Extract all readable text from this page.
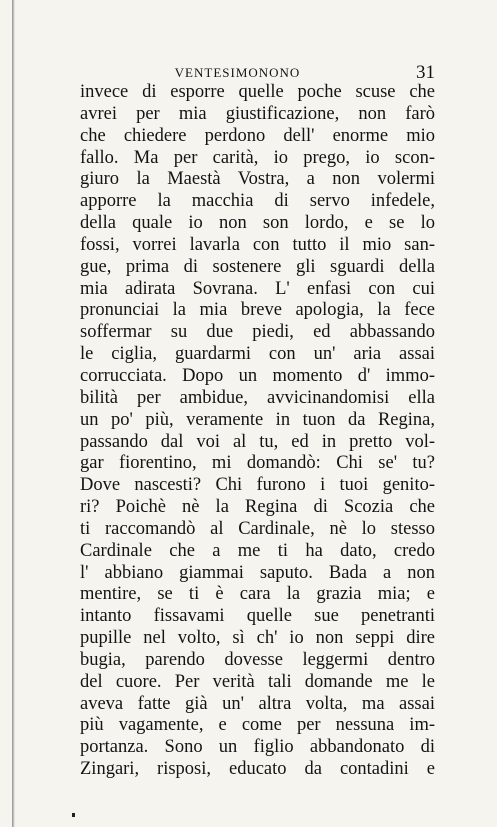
VENTESIMONONO	31
invece di esporre quelle poche scuse che
avrei per mia giustificazione, non farò
che chiedere perdono dell' enorme mio
fallo. Ma per carità, io prego, io scon-
giuro la Maestà Vostra, a non volermi
apporre la macchia di servo infedele,
della quale io non son lordo, e se lo
fossi, vorrei lavarla con tutto il mio san-
gue, prima di sostenere gli sguardi della
mia adirata Sovrana. L' enfasi con cui
pronunciai la mia breve apologia, la fece
soffermar su due piedi, ed abbassando
le ciglia, guardarmi con un' aria assai
corrucciata. Dopo un momento d' immo-
bilità per ambidue, avvicinandomisi ella
un po' più, veramente in tuon da Regina,
passando dal voi al tu, ed in pretto vol-
gar fiorentino, mi domandò: Chi se' tu?
Dove nascesti? Chi furono i tuoi genito-
ri? Poichè nè la Regina di Scozia che
ti raccomandò al Cardinale, nè lo stesso
Cardinale che a me ti ha dato, credo
l' abbiano giammai saputo. Bada a non
mentire, se ti è cara la grazia mia; e
intanto fissavami quelle sue penetranti
pupille nel volto, sì ch' io non seppi dire
bugia, parendo dovesse leggermi dentro
del cuore. Per verità tali domande me le
aveva fatte già un' altra volta, ma assai
più vagamente, e come per nessuna im-
portanza. Sono un figlio abbandonato di
Zingari, risposi, educato da contadini e
